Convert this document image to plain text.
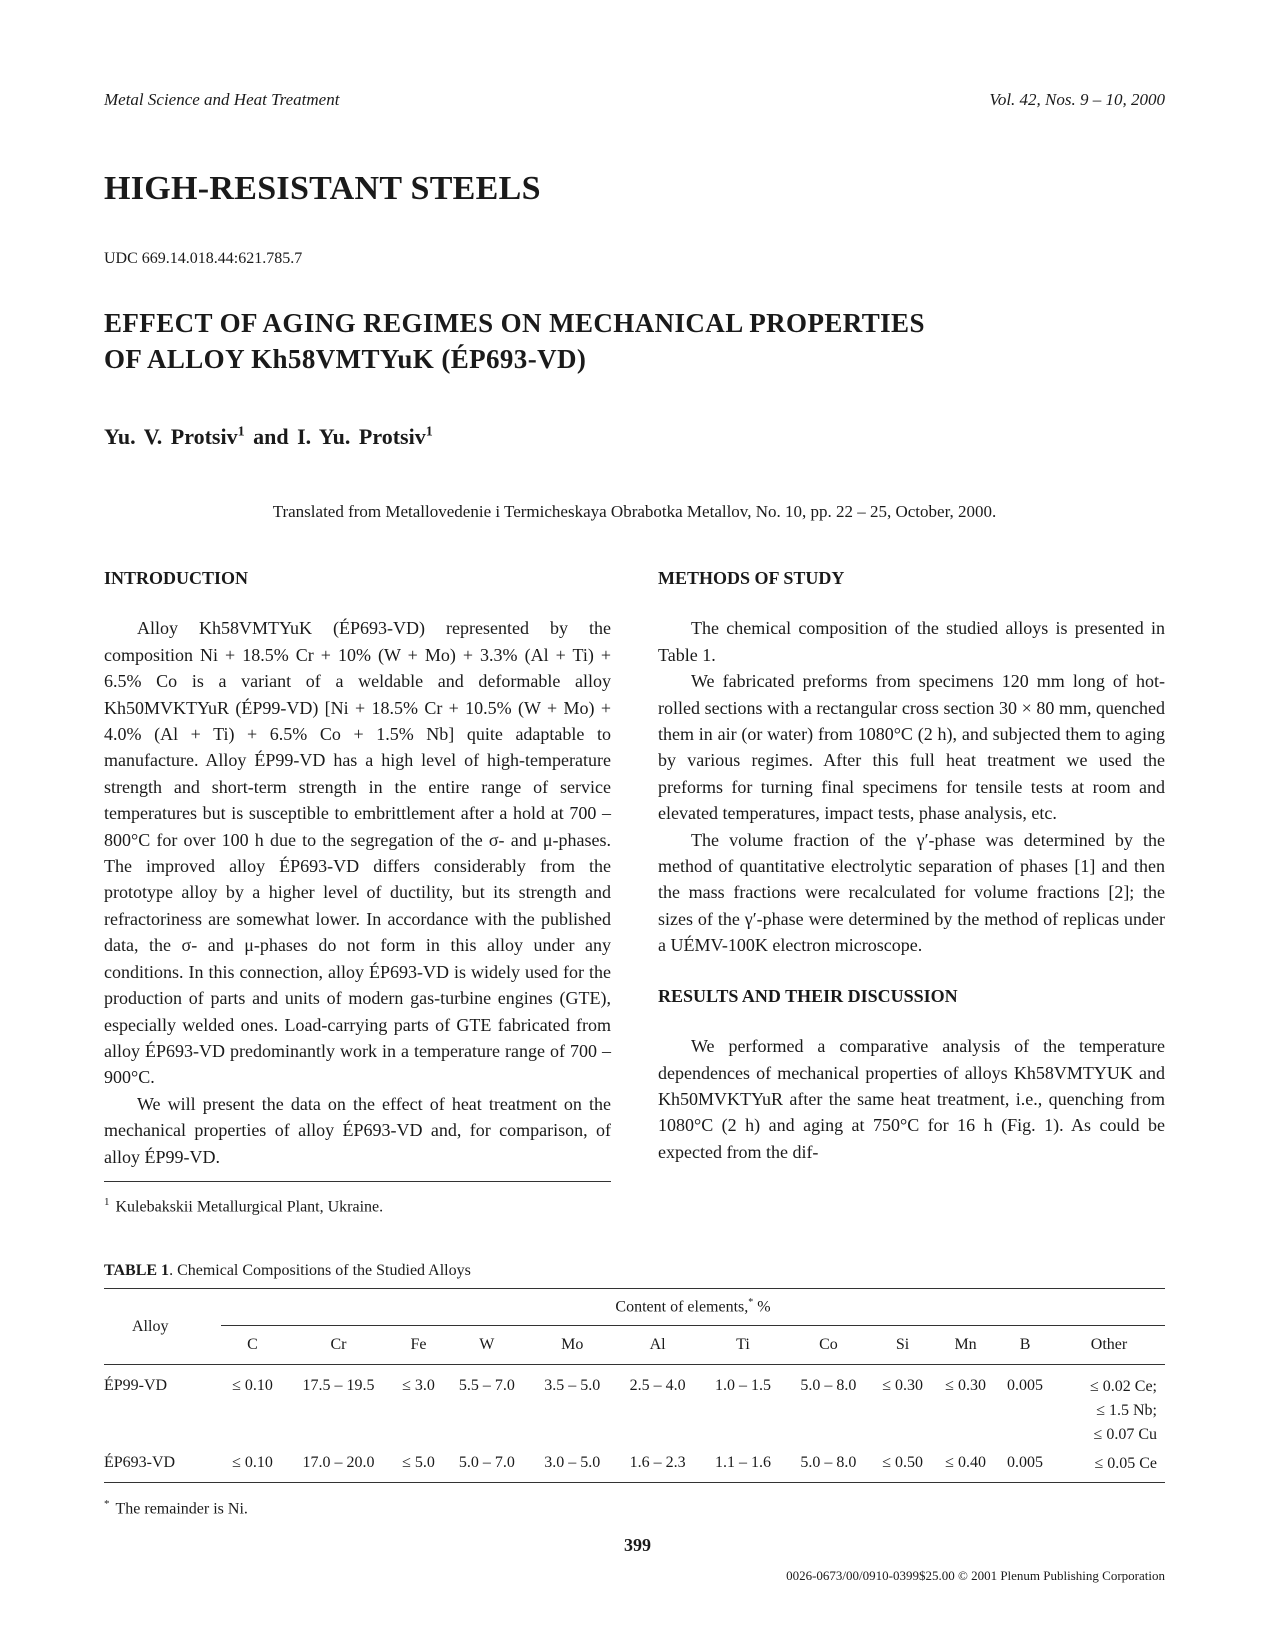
Metal Science and Heat Treatment	Vol. 42, Nos. 9 – 10, 2000
HIGH-RESISTANT STEELS
UDC 669.14.018.44:621.785.7
EFFECT OF AGING REGIMES ON MECHANICAL PROPERTIES
OF ALLOY Kh58VMTYuK (ÉP693-VD)
Yu. V. Protsiv$^1$ and I. Yu. Protsiv$^1$
Translated from Metallovedenie i Termicheskaya Obrabotka Metallov, No. 10, pp. 22 – 25, October, 2000.
INTRODUCTION

Alloy Kh58VMTYuK (ÉP693-VD) represented by the composition Ni + 18.5% Cr + 10% (W + Mo) + 3.3% (Al + Ti) + 6.5% Co is a variant of a weldable and deformable alloy Kh50MVKTYuR (ÉP99-VD) [Ni + 18.5% Cr + 10.5% (W + Mo) + 4.0% (Al + Ti) + 6.5% Co + 1.5% Nb] quite adaptable to manufacture. Alloy ÉP99-VD has a high level of high-temperature strength and short-term strength in the entire range of service temperatures but is susceptible to embrittlement after a hold at 700 – 800°C for over 100 h due to the segregation of the σ- and μ-phases. The improved alloy ÉP693-VD differs considerably from the prototype alloy by a higher level of ductility, but its strength and refractoriness are somewhat lower. In accordance with the published data, the σ- and μ-phases do not form in this alloy under any conditions. In this connection, alloy ÉP693-VD is widely used for the production of parts and units of modern gas-turbine engines (GTE), especially welded ones. Load-carrying parts of GTE fabricated from alloy ÉP693-VD predominantly work in a temperature range of 700 – 900°C.

We will present the data on the effect of heat treatment on the mechanical properties of alloy ÉP693-VD and, for comparison, of alloy ÉP99-VD.

$^1$ Kulebakskii Metallurgical Plant, Ukraine.
METHODS OF STUDY

The chemical composition of the studied alloys is presented in Table 1.

We fabricated preforms from specimens 120 mm long of hot-rolled sections with a rectangular cross section 30 × 80 mm, quenched them in air (or water) from 1080°C (2 h), and subjected them to aging by various regimes. After this full heat treatment we used the preforms for turning final specimens for tensile tests at room and elevated temperatures, impact tests, phase analysis, etc.

The volume fraction of the γ′-phase was determined by the method of quantitative electrolytic separation of phases [1] and then the mass fractions were recalculated for volume fractions [2]; the sizes of the γ′-phase were determined by the method of replicas under a UÉMV-100K electron microscope.

RESULTS AND THEIR DISCUSSION

We performed a comparative analysis of the temperature dependences of mechanical properties of alloys Kh58VMTYUK and Kh50MVKTYuR after the same heat treatment, i.e., quenching from 1080°C (2 h) and aging at 750°C for 16 h (Fig. 1). As could be expected from the dif-

TABLE 1. Chemical Compositions of the Studied Alloys
Alloy	Content of elements,* %											
	C	Cr	Fe	W	Mo	Al	Ti	Co	Si	Mn	B	Other
ÉP99-VD	≤ 0.10	17.5 – 19.5	≤ 3.0	5.5 – 7.0	3.5 – 5.0	2.5 – 4.0	1.0 – 1.5	5.0 – 8.0	≤ 0.30	≤ 0.30	0.005	≤ 0.02 Ce;
≤ 1.5 Nb;
≤ 0.07 Cu

ÉP693-VD	≤ 0.10	17.0 – 20.0	≤ 5.0	5.0 – 7.0	3.0 – 5.0	1.6 – 2.3	1.1 – 1.6	5.0 – 8.0	≤ 0.50	≤ 0.40	0.005	≤ 0.05 Ce
* The remainder is Ni.
399
0026-0673/00/0910-0399$25.00 © 2001 Plenum Publishing Corporation
